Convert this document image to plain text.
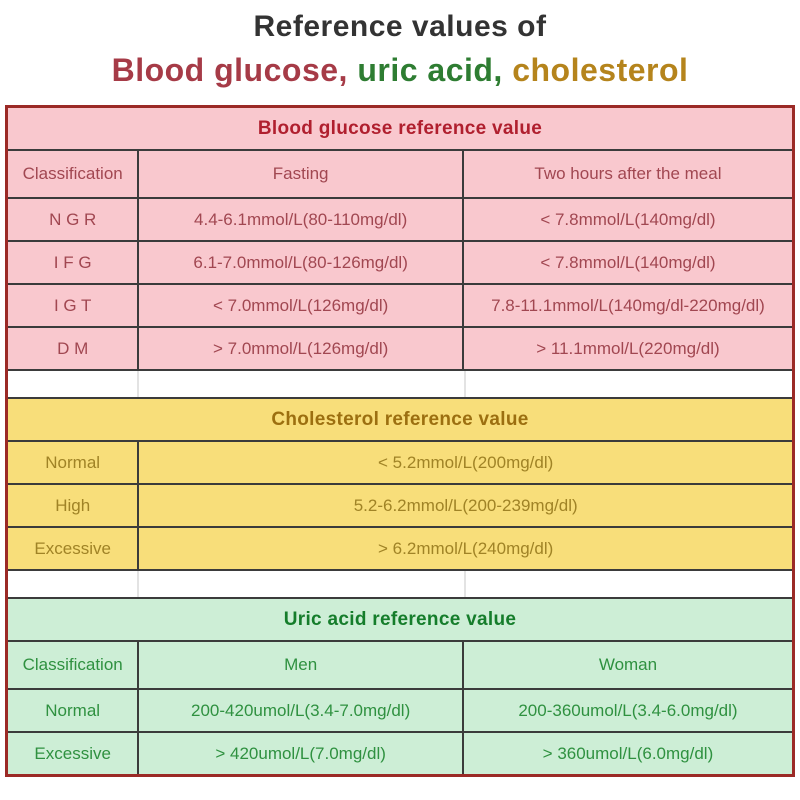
Reference values of
Blood glucose, uric acid, cholesterol
Blood glucose reference value
Classification	Fasting	Two hours after the meal
N G R	4.4-6.1mmol/L(80-110mg/dl)	< 7.8mmol/L(140mg/dl)
I F G	6.1-7.0mmol/L(80-126mg/dl)	< 7.8mmol/L(140mg/dl)
I G T	< 7.0mmol/L(126mg/dl)	7.8-11.1mmol/L(140mg/dl-220mg/dl)
D M	> 7.0mmol/L(126mg/dl)	> 11.1mmol/L(220mg/dl)
Cholesterol reference value
Normal	< 5.2mmol/L(200mg/dl)
High	5.2-6.2mmol/L(200-239mg/dl)
Excessive	> 6.2mmol/L(240mg/dl)
Uric acid reference value
Classification	Men	Woman
Normal	200-420umol/L(3.4-7.0mg/dl)	200-360umol/L(3.4-6.0mg/dl)
Excessive	> 420umol/L(7.0mg/dl)	> 360umol/L(6.0mg/dl)
